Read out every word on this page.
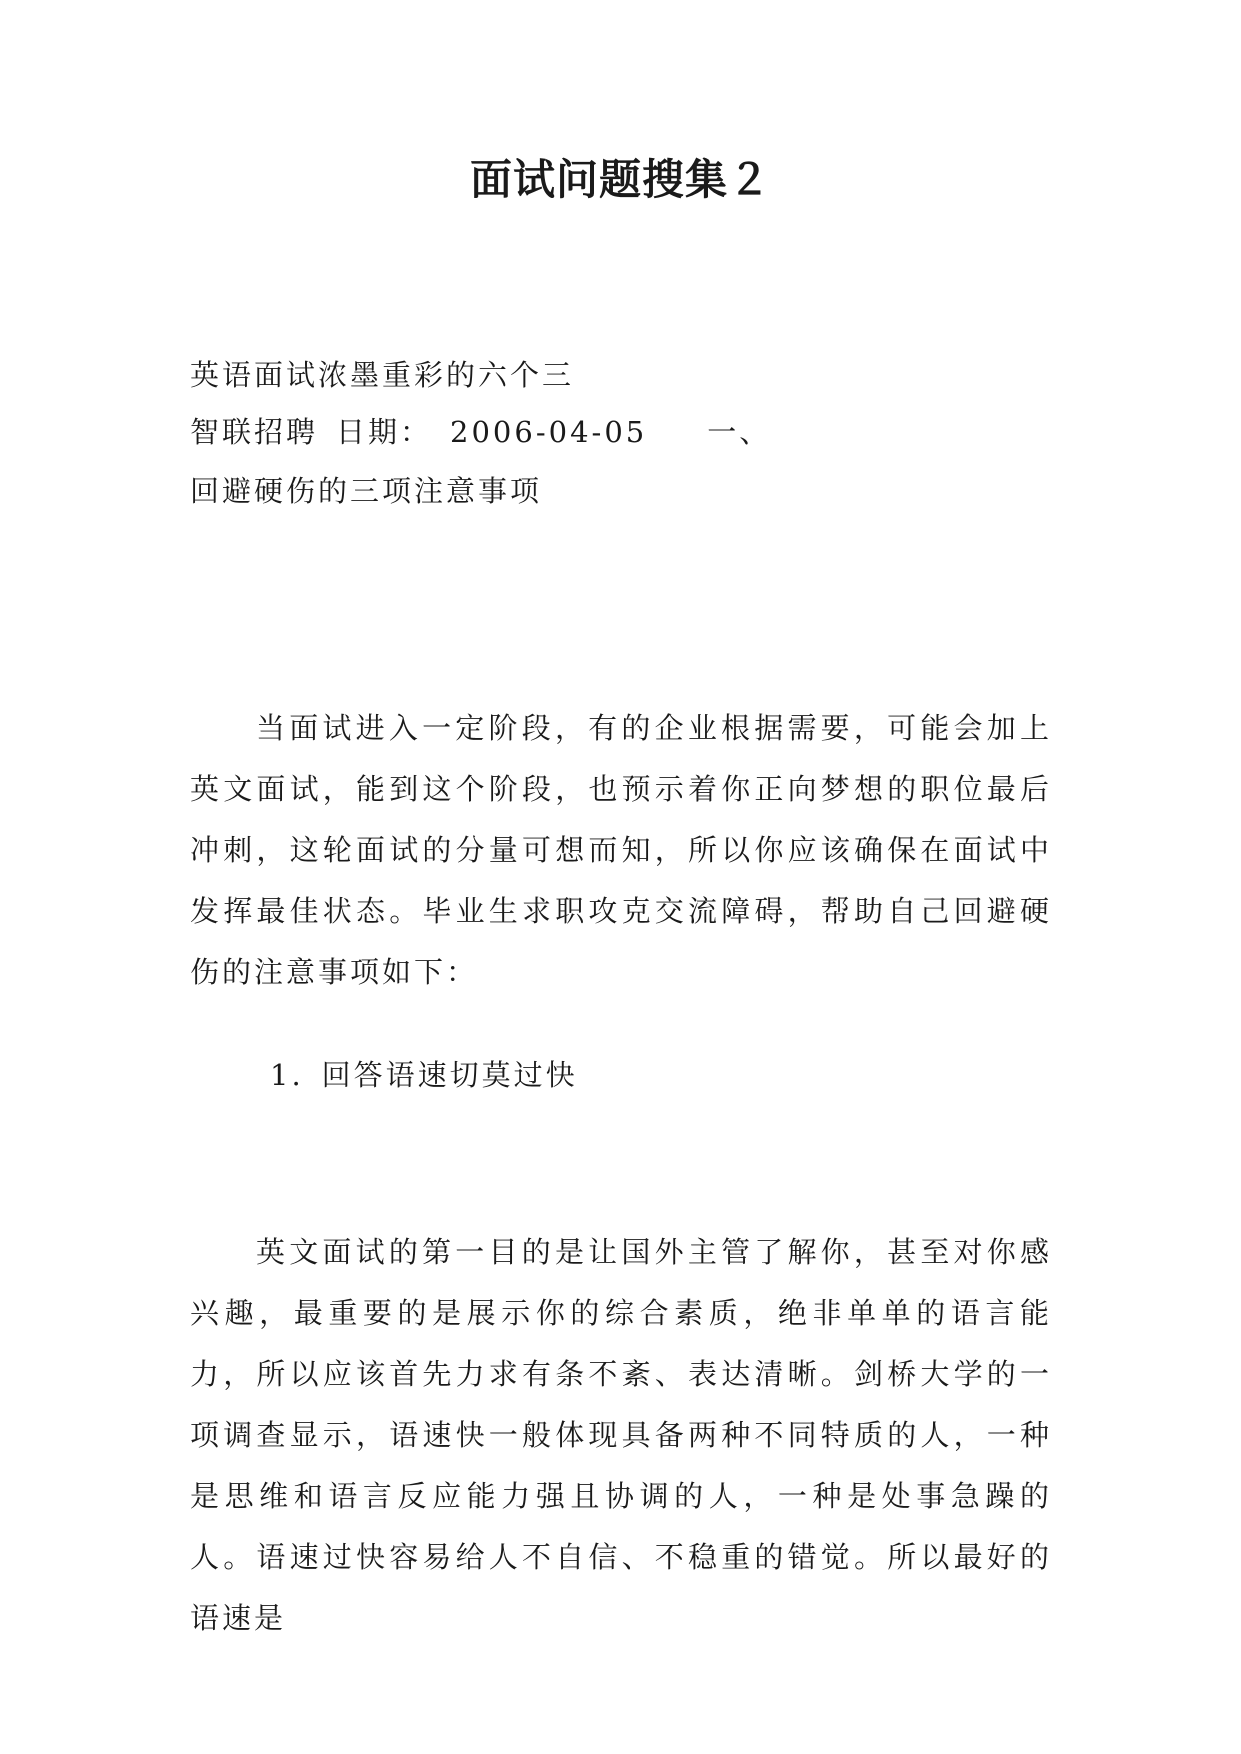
面试问题搜集２
英语面试浓墨重彩的六个三
智联招聘 日期： 2006-04-05 一、
回避硬伤的三项注意事项

当面试进入一定阶段，有的企业根据需要，可能会加上英文面试，能到这个阶段，也预示着你正向梦想的职位最后冲刺，这轮面试的分量可想而知，所以你应该确保在面试中发挥最佳状态。毕业生求职攻克交流障碍，帮助自己回避硬伤的注意事项如下：

1. 回答语速切莫过快

英文面试的第一目的是让国外主管了解你，甚至对你感兴趣，最重要的是展示你的综合素质，绝非单单的语言能力，所以应该首先力求有条不紊、表达清晰。剑桥大学的一项调查显示，语速快一般体现具备两种不同特质的人，一种是思维和语言反应能力强且协调的人，一种是处事急躁的人。语速过快容易给人不自信、不稳重的错觉。所以最好的语速是
